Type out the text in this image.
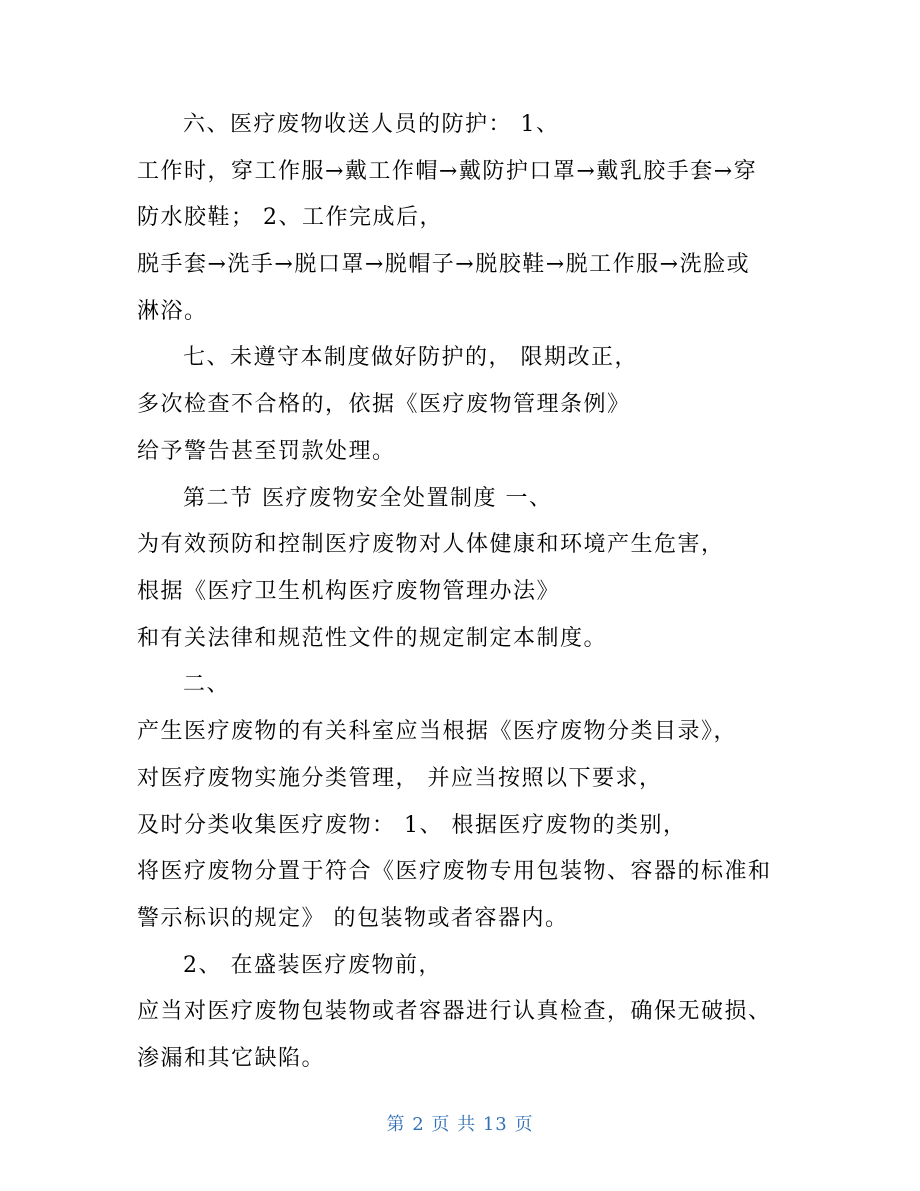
六、医疗废物收送人员的防护： 1、
工作时，穿工作服→戴工作帽→戴防护口罩→戴乳胶手套→穿
防水胶鞋； 2、工作完成后，
脱手套→洗手→脱口罩→脱帽子→脱胶鞋→脱工作服→洗脸或
淋浴。
七、未遵守本制度做好防护的， 限期改正，
多次检查不合格的，依据《医疗废物管理条例》
给予警告甚至罚款处理。
第二节 医疗废物安全处置制度 一、
为有效预防和控制医疗废物对人体健康和环境产生危害，
根据《医疗卫生机构医疗废物管理办法》
和有关法律和规范性文件的规定制定本制度。
二、
产生医疗废物的有关科室应当根据《医疗废物分类目录》，
对医疗废物实施分类管理， 并应当按照以下要求，
及时分类收集医疗废物： 1、 根据医疗废物的类别，
将医疗废物分置于符合《医疗废物专用包装物、容器的标准和
警示标识的规定》 的包装物或者容器内。
2、 在盛装医疗废物前，
应当对医疗废物包装物或者容器进行认真检查，确保无破损、
渗漏和其它缺陷。
第 2 页 共 13 页
